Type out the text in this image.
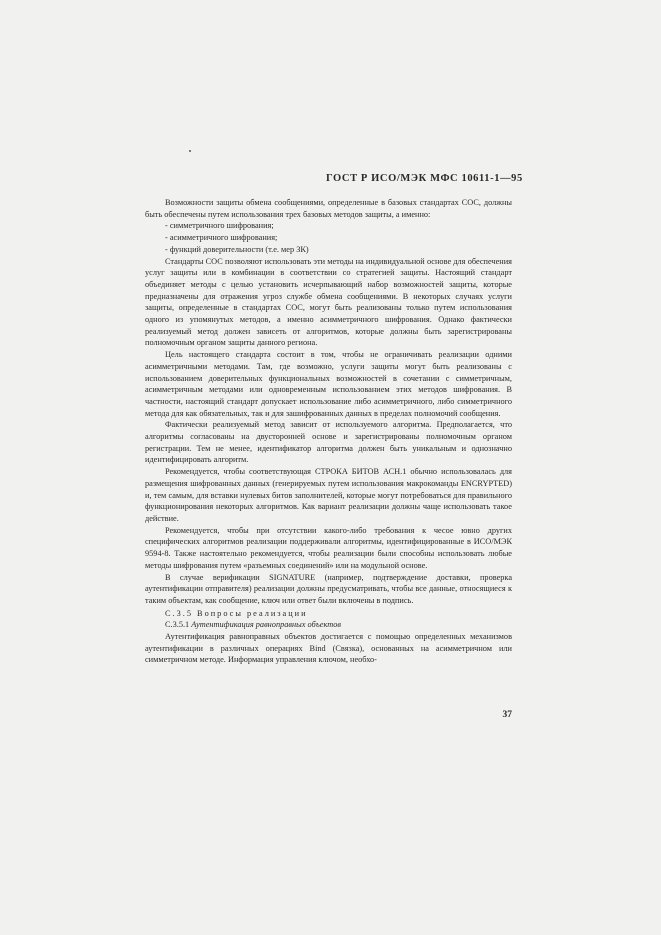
ГОСТ Р ИСО/МЭК МФС 10611-1—95

Возможности защиты обмена сообщениями, определенные в базовых стандартах СОС, должны быть обеспечены путем использования трех базовых методов защиты, а именно:

- симметричного шифрования;

- асимметричного шифрования;

- функций доверительности (т.е. мер ЗК)

Стандарты СОС позволяют использовать эти методы на индивидуальной основе для обеспечения услуг защиты или в комбинации в соответствии со стратегией защиты. Настоящий стандарт объединяет методы с целью установить исчерпывающий набор возможностей защиты, которые предназначены для отражения угроз службе обмена сообщениями. В некоторых случаях услуги защиты, определенные в стандартах СОС, могут быть реализованы только путем использования одного из упомянутых методов, а именно асимметричного шифрования. Однако фактически реализуемый метод должен зависеть от алгоритмов, которые должны быть зарегистрированы полномочным органом защиты данного региона.

Цель настоящего стандарта состоит в том, чтобы не ограничивать реализации одними асимметричными методами. Там, где возможно, услуги защиты могут быть реализованы с использованием доверительных функциональных возможностей в сочетании с симметричным, асимметричным методами или одновременным использованием этих методов шифрования. В частности, настоящий стандарт допускает использование либо асимметричного, либо симметричного метода для как обязательных, так и для зашифрованных данных в пределах полномочий сообщения.

Фактически реализуемый метод зависит от используемого алгоритма. Предполагается, что алгоритмы согласованы на двусторонней основе и зарегистрированы полномочным органом регистрации. Тем не менее, идентификатор алгоритма должен быть уникальным и однозначно идентифицировать алгоритм.

Рекомендуется, чтобы соответствующая СТРОКА БИТОВ АСН.1 обычно использовалась для размещения шифрованных данных (генерируемых путем использования макрокоманды ENCRYPTED) и, тем самым, для вставки нулевых битов заполнителей, которые могут потребоваться для правильного функционирования некоторых алгоритмов. Как вариант реализации должны чаще использовать такое действие.

Рекомендуется, чтобы при отсутствии какого-либо требования к чесое ювно других специфических алгоритмов реализации поддерживали алгоритмы, идентифицированные в ИСО/МЭК 9594-8. Также настоятельно рекомендуется, чтобы реализации были способны использовать любые методы шифрования путем «разъемных соединений» или на модульной основе.

В случае верификации SIGNATURE (например, подтверждение доставки, проверка аутентификации отправителя) реализации должны предусматривать, чтобы все данные, относящиеся к таким объектам, как сообщение, ключ или ответ были включены в подпись.

С.3.5 Вопросы реализации

С.3.5.1 Аутентификация равноправных объектов

Аутентификация равноправных объектов достигается с помощью определенных механизмов аутентификации в различных операциях Bind (Связка), основанных на асимметричном или симметричном методе. Информация управления ключом, необхо-

37
